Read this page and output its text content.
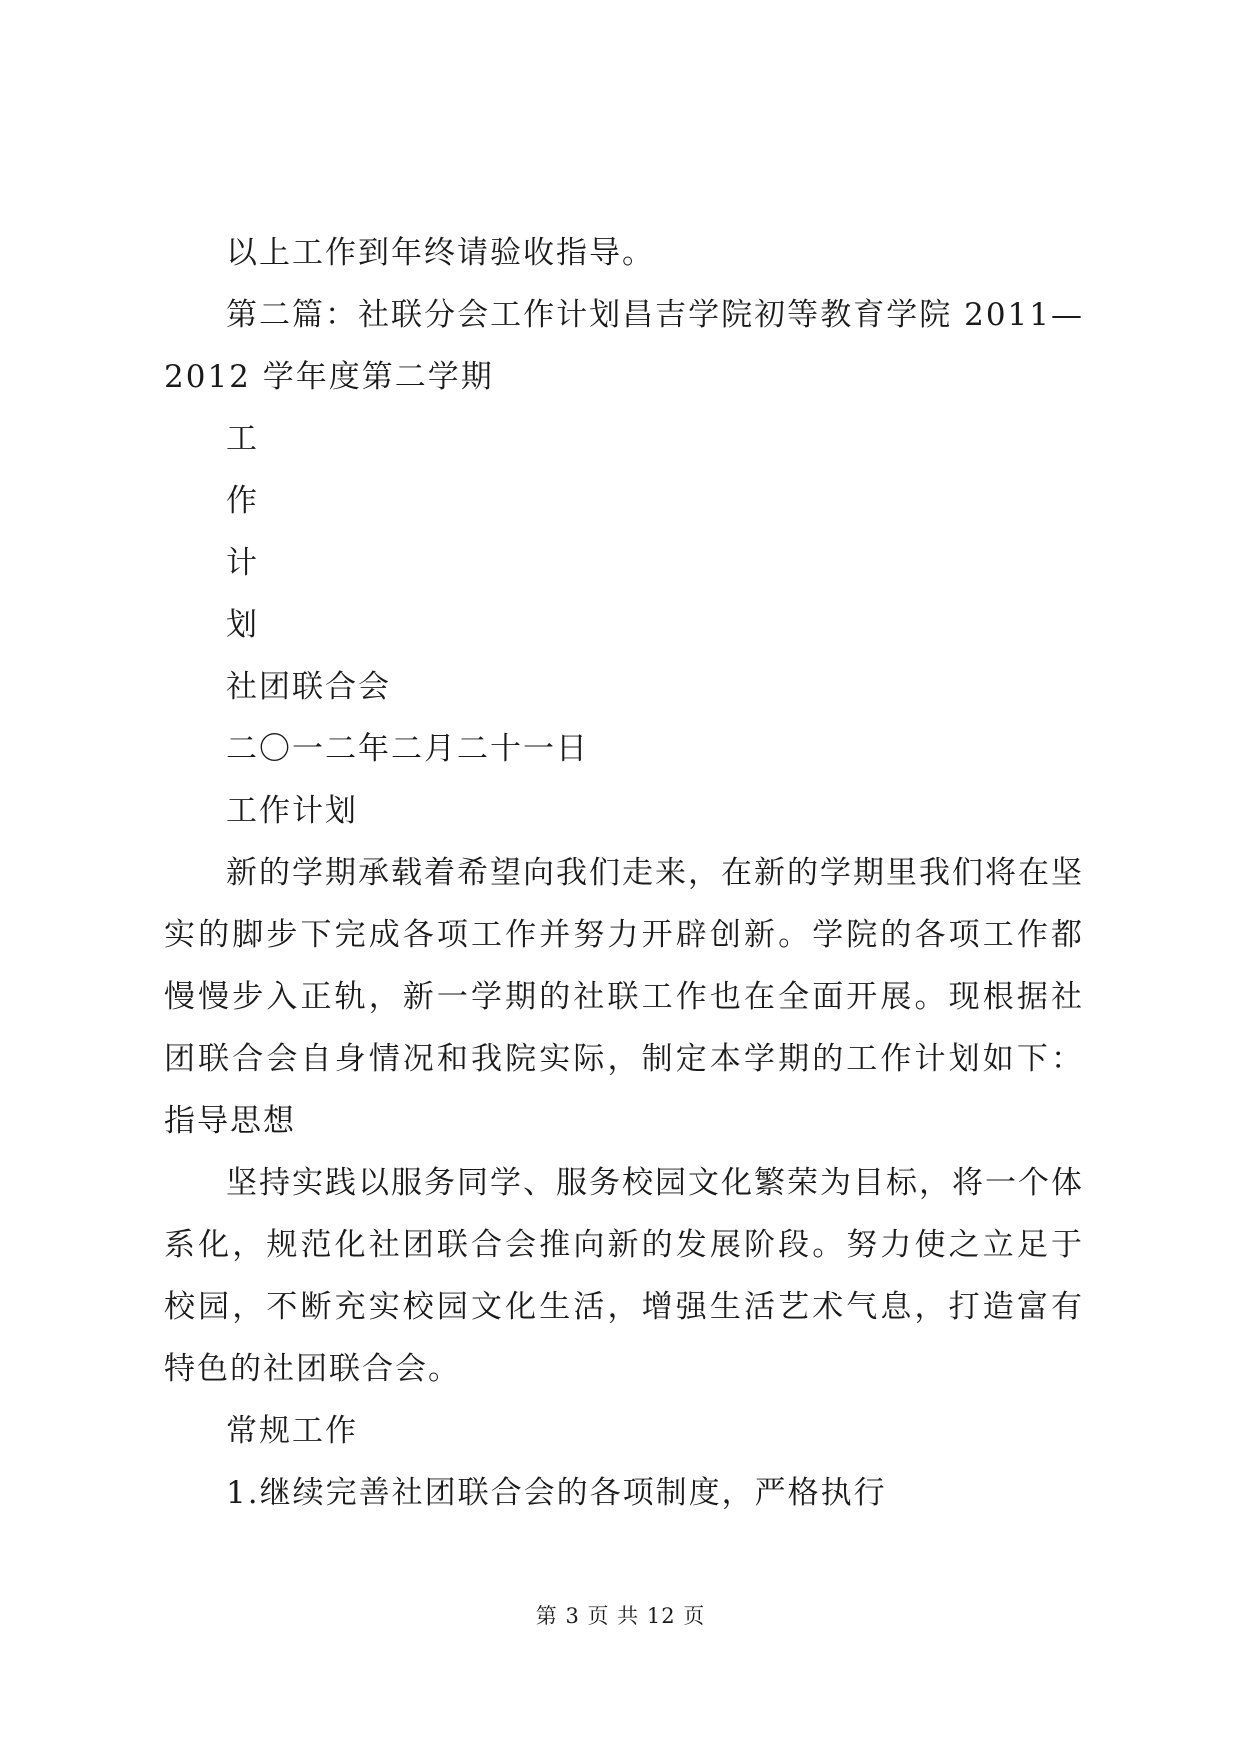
以上工作到年终请验收指导。

第二篇：社联分会工作计划昌吉学院初等教育学院 2011—2012 学年度第二学期

工

作

计

划

社团联合会

二〇一二年二月二十一日

工作计划

新的学期承载着希望向我们走来，在新的学期里我们将在坚实的脚步下完成各项工作并努力开辟创新。学院的各项工作都慢慢步入正轨，新一学期的社联工作也在全面开展。现根据社团联合会自身情况和我院实际，制定本学期的工作计划如下：指导思想

坚持实践以服务同学、服务校园文化繁荣为目标，将一个体系化，规范化社团联合会推向新的发展阶段。努力使之立足于校园，不断充实校园文化生活，增强生活艺术气息，打造富有特色的社团联合会。

常规工作

1.继续完善社团联合会的各项制度，严格执行

第 3 页 共 12 页
